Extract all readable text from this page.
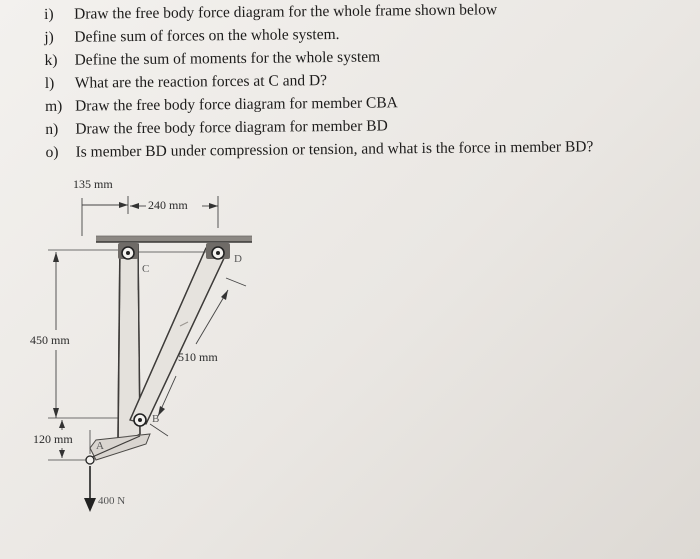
i)	Draw the free body force diagram for the whole frame shown below
j)	Define sum of forces on the whole system.
k)	Define the sum of moments for the whole system
l)	What are the reaction forces at C and D?
m) Draw the free body force diagram for member CBA
n)	Draw the free body force diagram for member BD
o)	Is member BD under compression or tension, and what is the force in member BD?
135 mm
240 mm
450 mm
120 mm
510 mm
C
D
B
A
400 N
